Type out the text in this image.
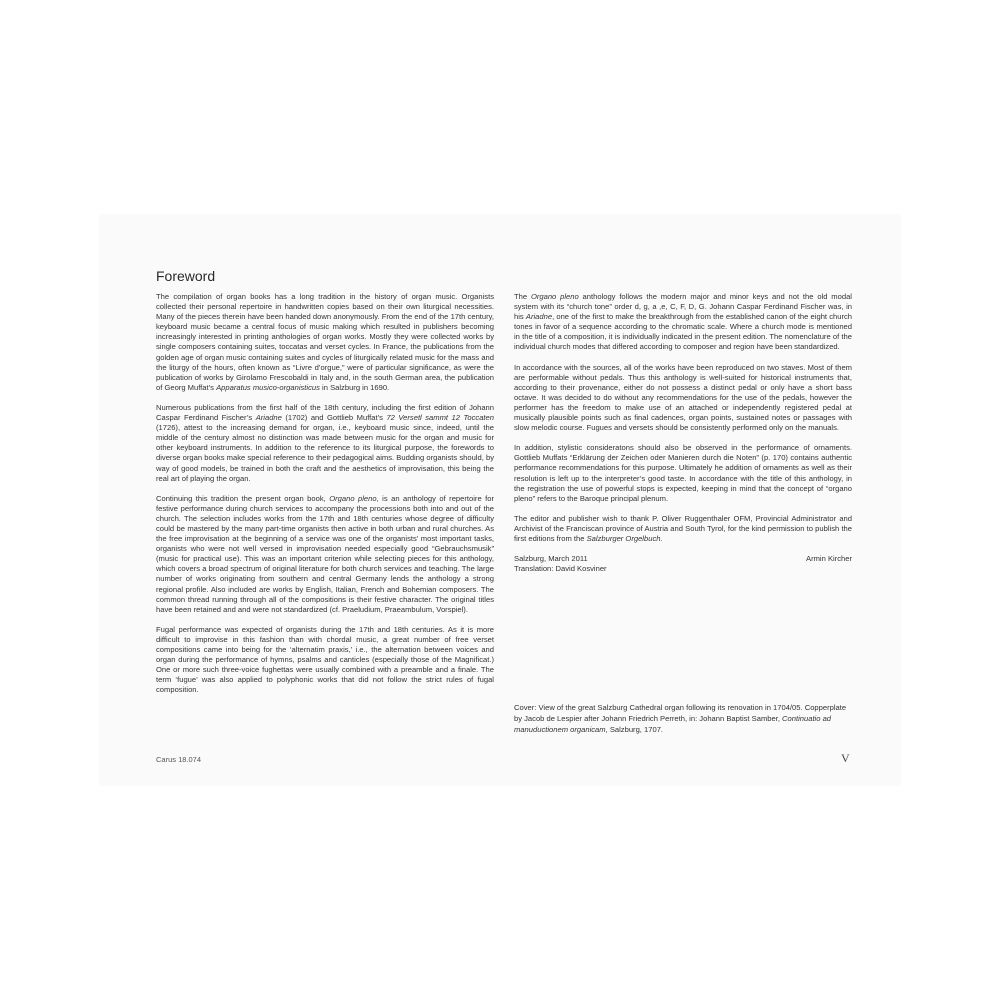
Foreword

The compilation of organ books has a long tradition in the history of organ music. Organists collected their personal repertoire in handwritten copies based on their own liturgical necessities. Many of the pieces therein have been handed down anonymously. From the end of the 17th century, keyboard music became a central focus of music making which resulted in publishers becoming increasingly interested in printing anthologies of organ works. Mostly they were collected works by single composers containing suites, toccatas and verset cycles. In France, the publications from the golden age of organ music containing suites and cycles of liturgically related music for the mass and the liturgy of the hours, often known as “Livre d’orgue,” were of particular significance, as were the publication of works by Girolamo Frescobaldi in Italy and, in the south German area, the publication of Georg Muffat’s Apparatus musico-organisticus in Salzburg in 1690.

Numerous publications from the first half of the 18th century, including the first edition of Johann Caspar Ferdinand Fischer’s Ariadne (1702) and Gottlieb Muffat’s 72 Versetl sammt 12 Toccaten (1726), attest to the increasing demand for organ, i.e., keyboard music since, indeed, until the middle of the century almost no distinction was made between music for the organ and music for other keyboard instruments. In addition to the reference to its liturgical purpose, the forewords to diverse organ books make special reference to their pedagogical aims. Budding organists should, by way of good models, be trained in both the craft and the aesthetics of improvisation, this being the real art of playing the organ.

Continuing this tradition the present organ book, Organo pleno, is an anthology of repertoire for festive performance during church services to accompany the processions both into and out of the church. The selection includes works from the 17th and 18th centuries whose degree of difficulty could be mastered by the many part-time organists then active in both urban and rural churches. As the free improvisation at the beginning of a service was one of the organists’ most important tasks, organists who were not well versed in improvisation needed especially good “Gebrauchsmusik” (music for practical use). This was an important criterion while selecting pieces for this anthology, which covers a broad spectrum of original literature for both church services and teaching. The large number of works originating from southern and central Germany lends the anthology a strong regional profile. Also included are works by English, Italian, French and Bohemian composers. The common thread running through all of the compositions is their festive character. The original titles have been retained and and were not standardized (cf. Praeludium, Praeambulum, Vorspiel).

Fugal performance was expected of organists during the 17th and 18th centuries. As it is more difficult to improvise in this fashion than with chordal music, a great number of free verset compositions came into being for the ‘alternatim praxis,’ i.e., the alternation between voices and organ during the performance of hymns, psalms and canticles (especially those of the Magnificat.) One or more such three-voice fughettas were usually combined with a preamble and a finale. The term ‘fugue’ was also applied to polyphonic works that did not follow the strict rules of fugal composition.

The Organo pleno anthology follows the modern major and minor keys and not the old modal system with its “church tone” order d, g, a ,e, C, F, D, G. Johann Caspar Ferdinand Fischer was, in his Ariadne, one of the first to make the breakthrough from the established canon of the eight church tones in favor of a sequence according to the chromatic scale. Where a church mode is mentioned in the title of a composition, it is individually indicated in the present edition. The nomenclature of the individual church modes that differed according to composer and region have been standardized.

In accordance with the sources, all of the works have been reproduced on two staves. Most of them are performable without pedals. Thus this anthology is well-suited for historical instruments that, according to their provenance, either do not possess a distinct pedal or only have a short bass octave. It was decided to do without any recommendations for the use of the pedals, however the performer has the freedom to make use of an attached or independently registered pedal at musically plausible points such as final cadences, organ points, sustained notes or passages with slow melodic course. Fugues and versets should be consistently performed only on the manuals.

In addition, stylistic consideratons should also be observed in the performance of ornaments. Gottlieb Muffats “Erklärung der Zeichen oder Manieren durch die Noten” (p. 170) contains authentic performance recommendations for this purpose. Ultimately he addition of ornaments as well as their resolution is left up to the interpreter’s good taste. In accordance with the title of this anthology, in the registration the use of powerful stops is expected, keeping in mind that the concept of “organo pleno” refers to the Baroque principal plenum.

The editor and publisher wish to thank P. Oliver Ruggenthaler OFM, Provincial Administrator and Archivist of the Franciscan province of Austria and South Tyrol, for the kind permission to publish the first editions from the Salzburger Orgelbuch.

Salzburg, March 2011	Armin Kircher
Translation: David Kosviner

Cover: View of the great Salzburg Cathedral organ following its renovation in 1704/05. Copperplate by Jacob de Lespier after Johann Friedrich Perreth, in: Johann Baptist Samber, Continuatio ad manuductionem organicam, Salzburg, 1707.

Carus 18.074	V
